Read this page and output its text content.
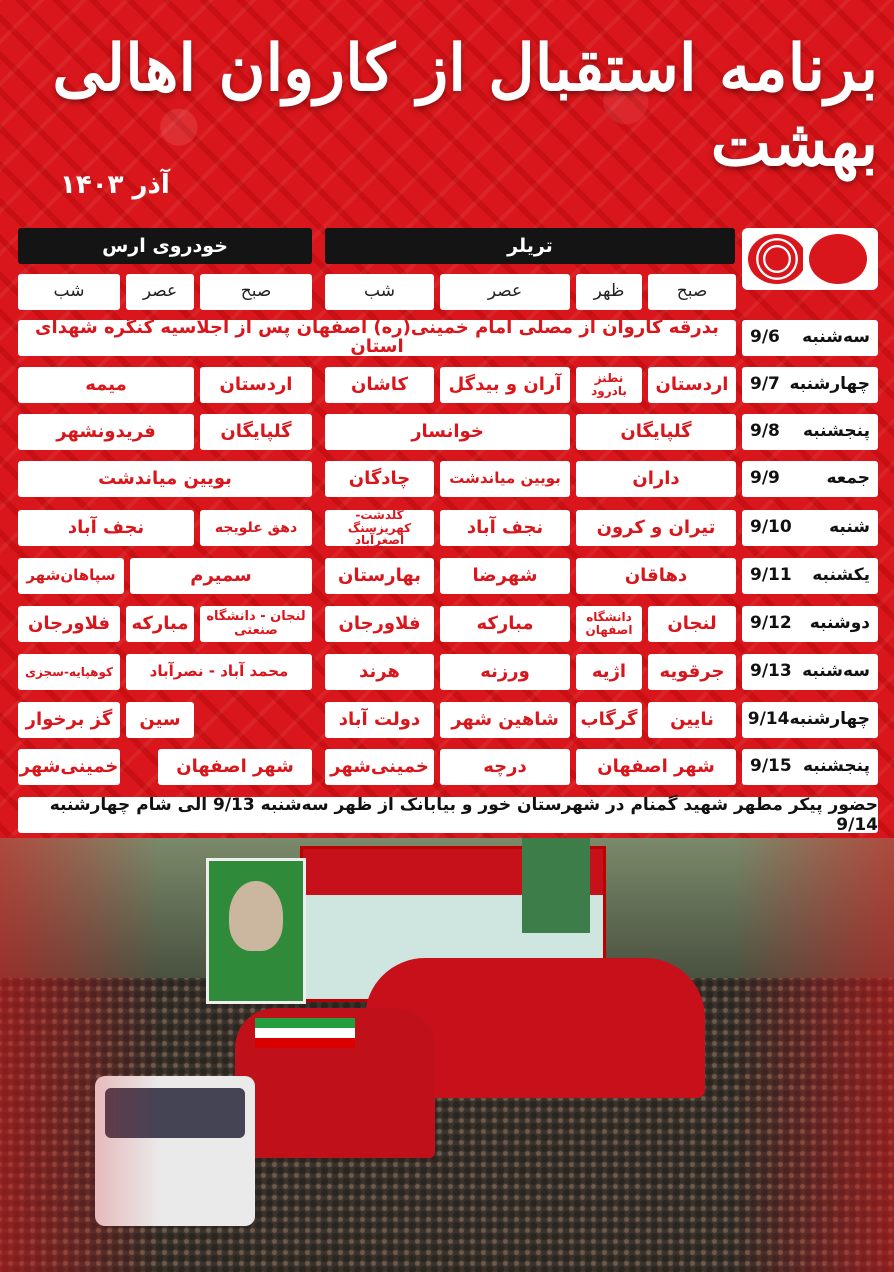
برنامه استقبال از کاروان اهالی بهشت
آذر ۱۴۰۳
تریلر
خودروی ارس
صبح
ظهر
عصر
شب
صبح
عصر
شب
سه‌شنبه
9/6
چهارشنبه
9/7
پنجشنبه
9/8
جمعه
9/9
شنبه
9/10
یکشنبه
9/11
دوشنبه
9/12
سه‌شنبه
9/13
چهارشنبه
9/14
پنجشنبه
9/15
بدرقه کاروان از مصلی امام خمینی(ره) اصفهان پس از اجلاسیه کنگره شهدای استان
اردستان
نطنز بادرود
آران و بیدگل
کاشان
اردستان
میمه
گلپایگان
خوانسار
گلپایگان
فریدونشهر
داران
بویین میاندشت
چادگان
بویین میاندشت
تیران و کرون
نجف آباد
گلدشت-کهریزسنگ اصغرآباد
دهق علویجه
نجف آباد
دهاقان
شهرضا
بهارستان
سمیرم
سپاهان‌شهر
لنجان
دانشگاه اصفهان
مبارکه
فلاورجان
لنجان - دانشگاه صنعتی
مبارکه
فلاورجان
جرقویه
اژیه
ورزنه
هرند
محمد آباد - نصرآباد
کوهپایه-سجزی
نایین
گرگاب
شاهین شهر
دولت آباد
سین
گز برخوار
شهر اصفهان
درچه
خمینی‌شهر
شهر اصفهان
خمینی‌شهر
حضور پیکر مطهر شهید گمنام در شهرستان خور و بیابانک از ظهر سه‌شنبه 9/13 الی شام چهارشنبه 9/14
